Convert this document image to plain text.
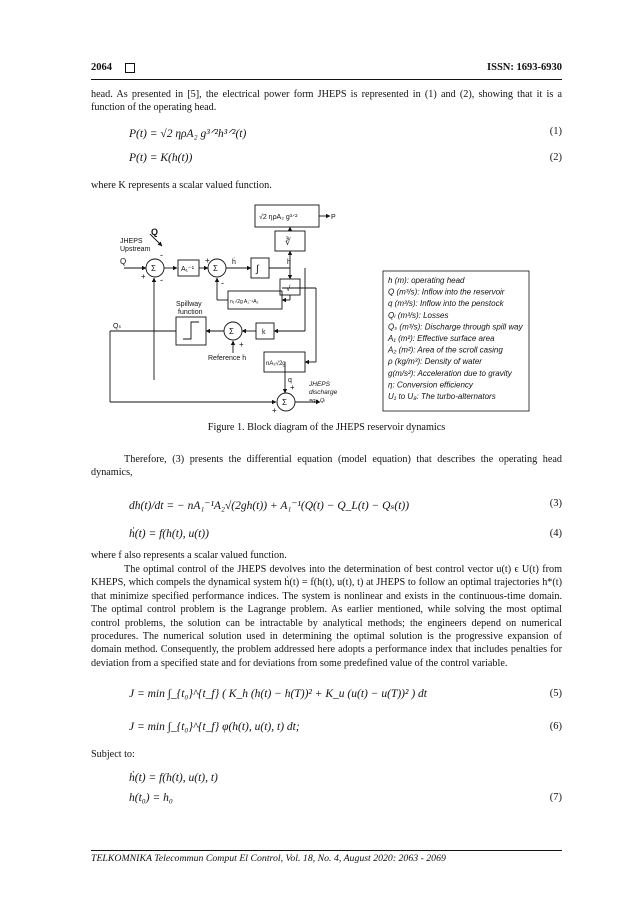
2064	ISSN: 1693-6930
head. As presented in [5], the electrical power form JHEPS is represented in (1) and (2), showing that it is a function of the operating head.
P(t) = √2 ηρA₂ g³ᐟ²h³ᐟ²(t)	(1)
P(t) = Κ(h(t))	(2)
where K represents a scalar valued function.
JHEPS
Upstream
Q
Q
Σ	Σ
Σ
Σ
A₁⁻¹
ḣ	h
∫
√2 ηρA₂ g³ᐟ²	P
∛
√
n₁√2g A₁⁻¹A₂
Spillway
function
k
Qₛ
Reference h
nA₂√2g
q
JHEPS
discharge
=q+ Qₗ
-
-
+
+
-
+
+
+
h (m): operating head
Q (m³/s): Inflow into the reservoir
q (m³/s): Inflow into the penstock
Qₗ (m³/s): Losses
Qₛ (m³/s): Discharge through spill way
A₁ (m²): Effective surface area
A₂ (m²): Area of the scroll casing
ρ (kg/m³): Density of water
g(m/s²): Acceleration due to gravity
η: Conversion efficiency
U₁ to U₈: The turbo-alternators
Figure 1. Block diagram of the JHEPS reservoir dynamics
Therefore, (3) presents the differential equation (model equation) that describes the operating head dynamics,
dh(t)/dt = − nA₁⁻¹A₂√(2gh(t)) + A₁⁻¹(Q(t) − Q_L(t) − Qₛ(t))	(3)
ḣ(t) = f(h(t), u(t))	(4)
where f also represents a scalar valued function.
The optimal control of the JHEPS devolves into the determination of best control vector u(t) ϵ U(t) from KHEPS, which compels the dynamical system ḣ(t) = f(h(t), u(t), t) at JHEPS to follow an optimal trajectories h*(t) that minimize specified performance indices. The system is nonlinear and exists in the continuous-time domain. The optimal control problem is the Lagrange problem. As earlier mentioned, while solving the most optimal control problems, the solution can be intractable by analytical methods; the engineers depend on numerical procedures. The numerical solution used in determining the optimal solution is the progressive expansion of domain method. Consequently, the problem addressed here adopts a performance index that includes penalties for deviation from a specified state and for deviations from some predefined value of the control variable.
J = min ∫_{t₀}^{t_f} ( K_h (h(t) − h(T))² + K_u (u(t) − u(T))² ) dt	(5)
J = min ∫_{t₀}^{t_f} φ(h(t), u(t), t) dt;	(6)
Subject to:
ḣ(t) = f(h(t), u(t), t)
h(t₀) = h₀	(7)
TELKOMNIKA Telecommun Comput El Control, Vol. 18, No. 4, August 2020: 2063 - 2069
